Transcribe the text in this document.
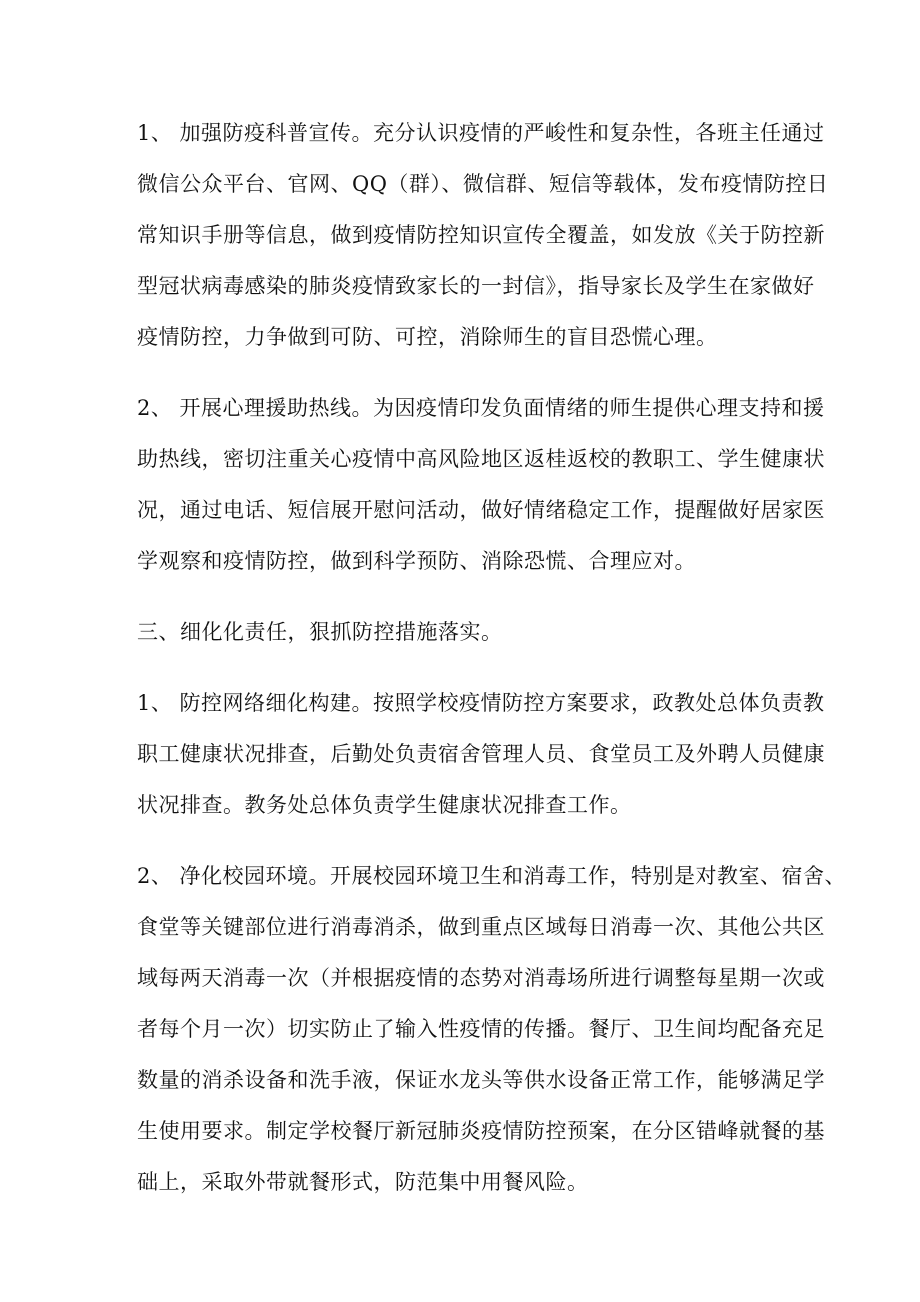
1、 加强防疫科普宣传。充分认识疫情的严峻性和复杂性，各班主任通过
微信公众平台、官网、QQ（群）、微信群、短信等载体，发布疫情防控日
常知识手册等信息，做到疫情防控知识宣传全覆盖，如发放《关于防控新
型冠状病毒感染的肺炎疫情致家长的一封信》，指导家长及学生在家做好
疫情防控，力争做到可防、可控，消除师生的盲目恐慌心理。

2、 开展心理援助热线。为因疫情印发负面情绪的师生提供心理支持和援
助热线，密切注重关心疫情中高风险地区返桂返校的教职工、学生健康状
况，通过电话、短信展开慰问活动，做好情绪稳定工作，提醒做好居家医
学观察和疫情防控，做到科学预防、消除恐慌、合理应对。

三、细化化责任，狠抓防控措施落实。

1、 防控网络细化构建。按照学校疫情防控方案要求，政教处总体负责教
职工健康状况排查，后勤处负责宿舍管理人员、食堂员工及外聘人员健康
状况排查。教务处总体负责学生健康状况排查工作。

2、 净化校园环境。开展校园环境卫生和消毒工作，特别是对教室、宿舍、
食堂等关键部位进行消毒消杀，做到重点区域每日消毒一次、其他公共区
域每两天消毒一次（并根据疫情的态势对消毒场所进行调整每星期一次或
者每个月一次）切实防止了输入性疫情的传播。餐厅、卫生间均配备充足
数量的消杀设备和洗手液，保证水龙头等供水设备正常工作，能够满足学
生使用要求。制定学校餐厅新冠肺炎疫情防控预案，在分区错峰就餐的基
础上，采取外带就餐形式，防范集中用餐风险。
